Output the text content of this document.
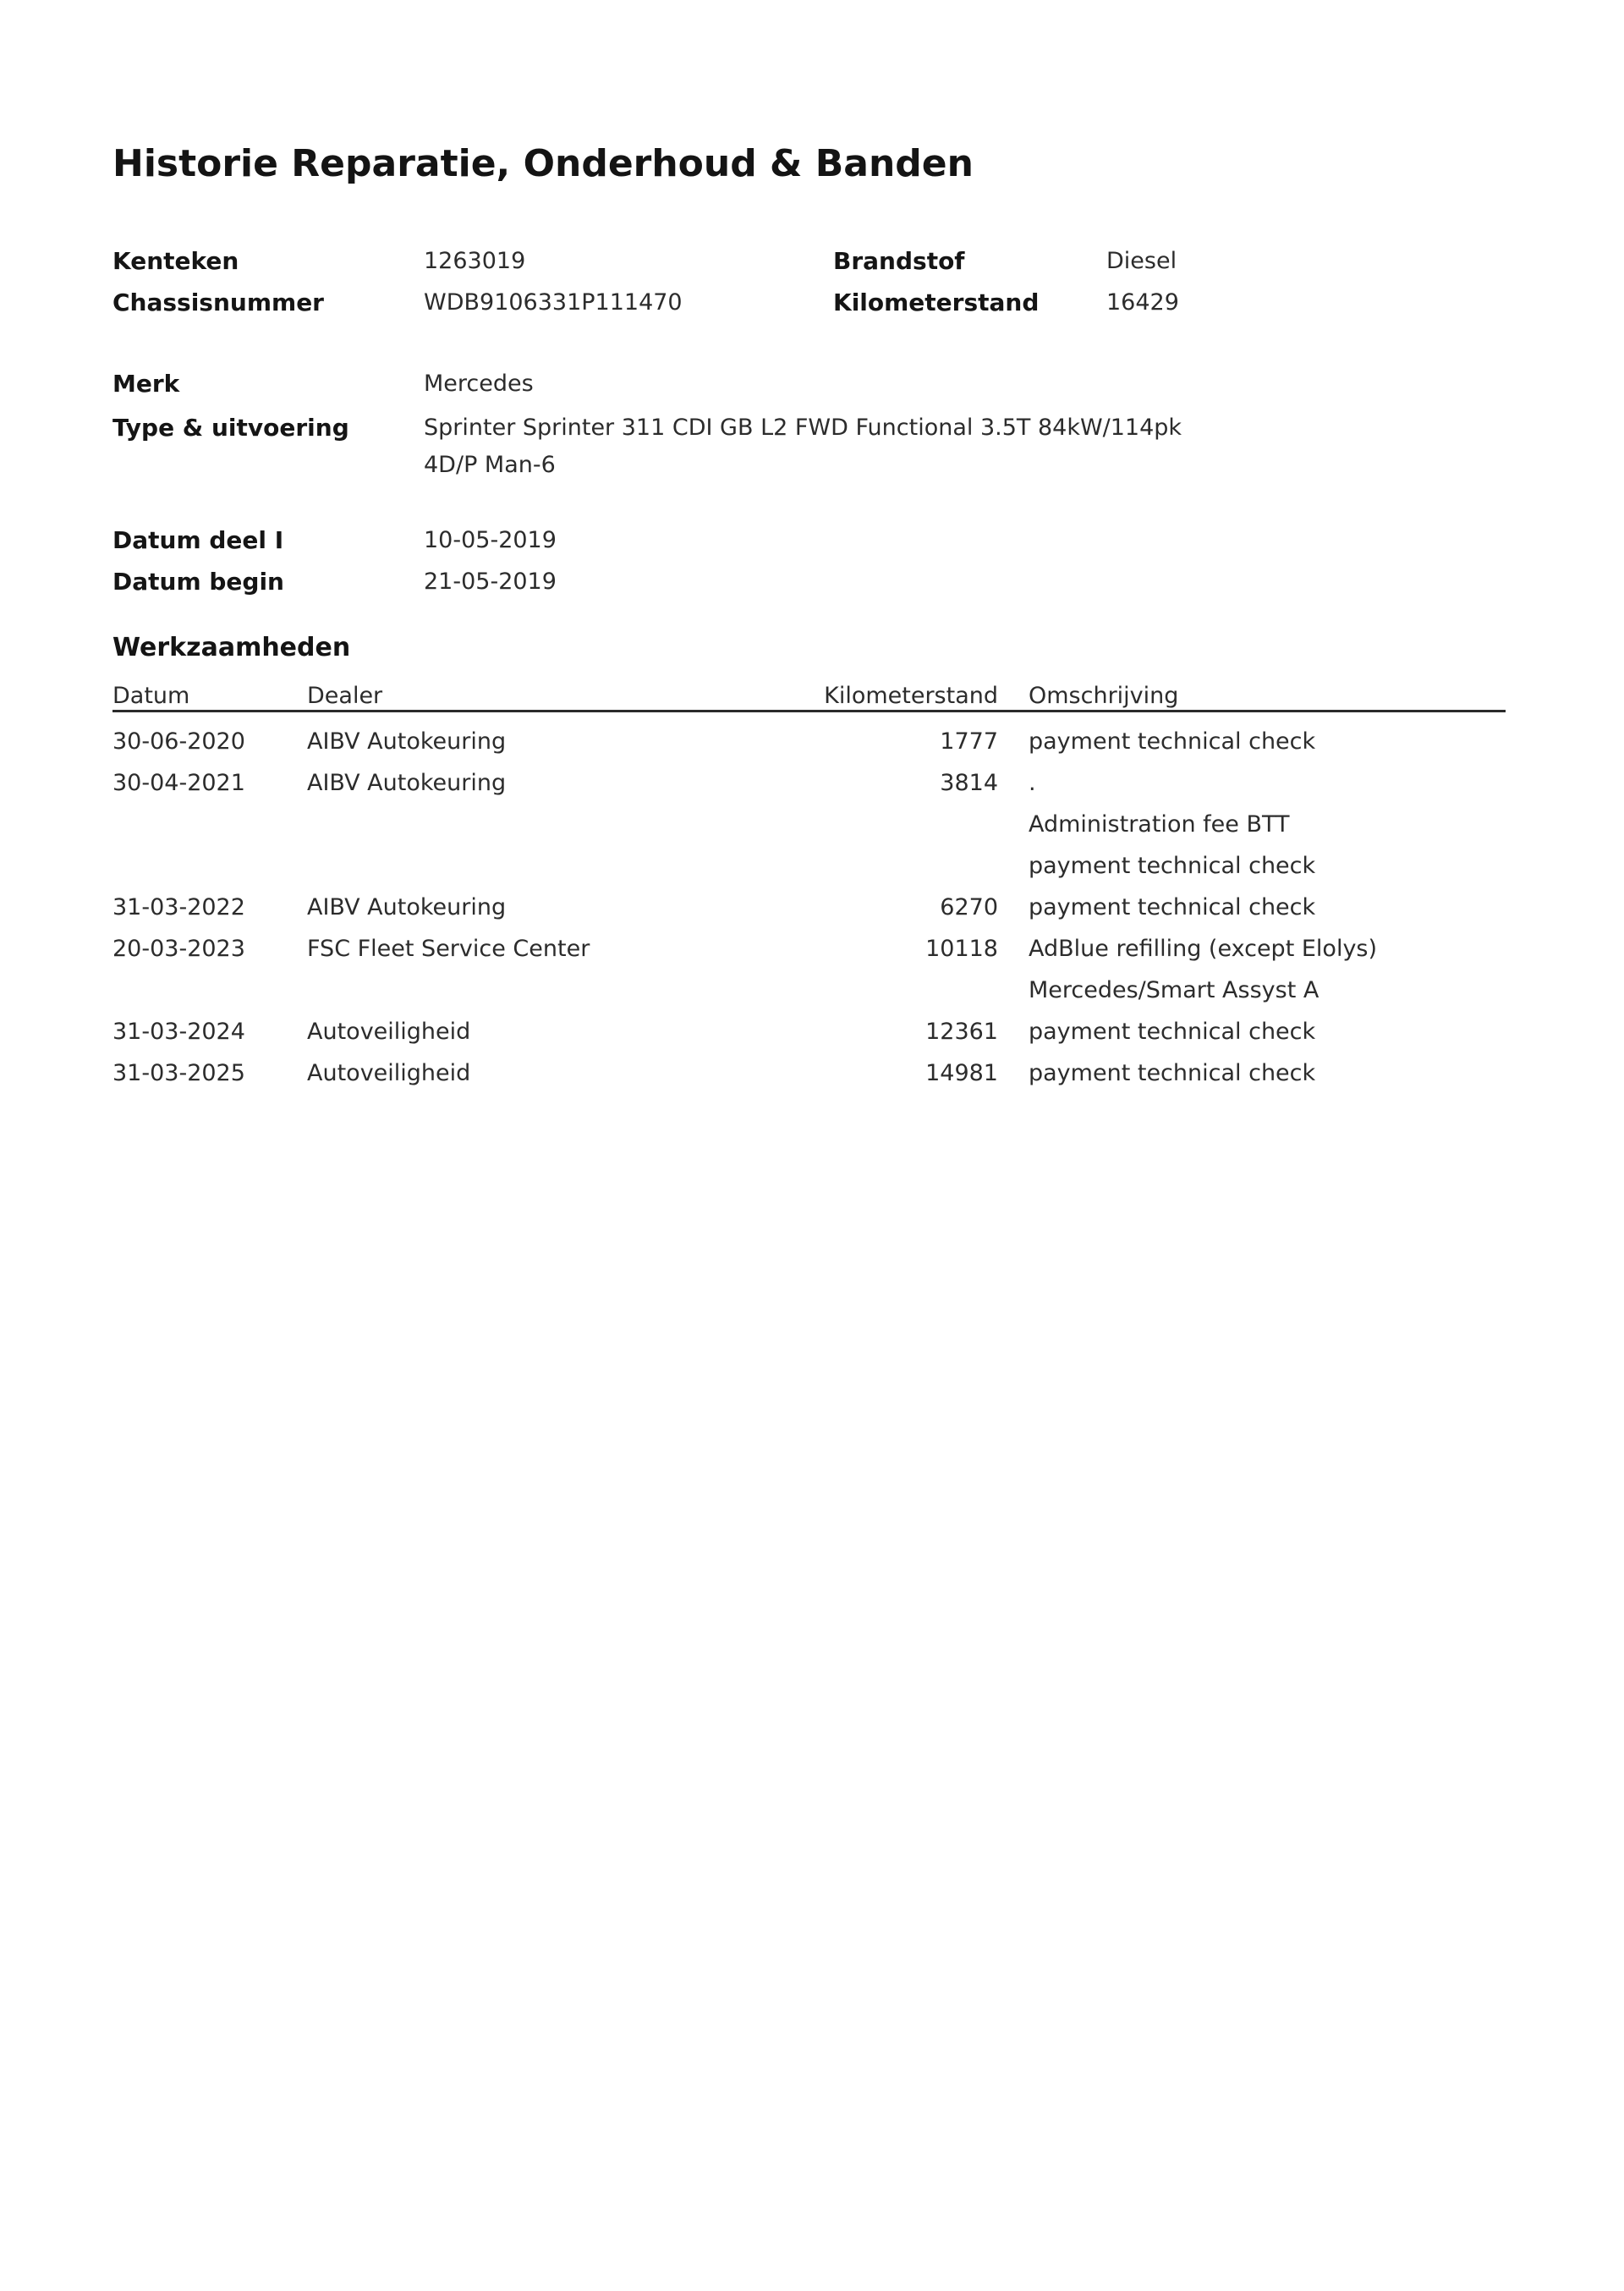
Historie Reparatie, Onderhoud & Banden
Kenteken	1263019	Brandstof	Diesel
Chassisnummer	WDB9106331P111470	Kilometerstand	16429
Merk	Mercedes
Type & uitvoering	Sprinter Sprinter 311 CDI GB L2 FWD Functional 3.5T 84kW/114pk
4D/P Man-6
Datum deel I	10-05-2019
Datum begin	21-05-2019
Werkzaamheden
Datum	Dealer	Kilometerstand	Omschrijving
30-06-2020	AIBV Autokeuring	1777	payment technical check
30-04-2021	AIBV Autokeuring	3814	.
Administration fee BTT
payment technical check
31-03-2022	AIBV Autokeuring	6270	payment technical check
20-03-2023	FSC Fleet Service Center	10118	AdBlue refilling (except Elolys)
Mercedes/Smart Assyst A
31-03-2024	Autoveiligheid	12361	payment technical check
31-03-2025	Autoveiligheid	14981	payment technical check
